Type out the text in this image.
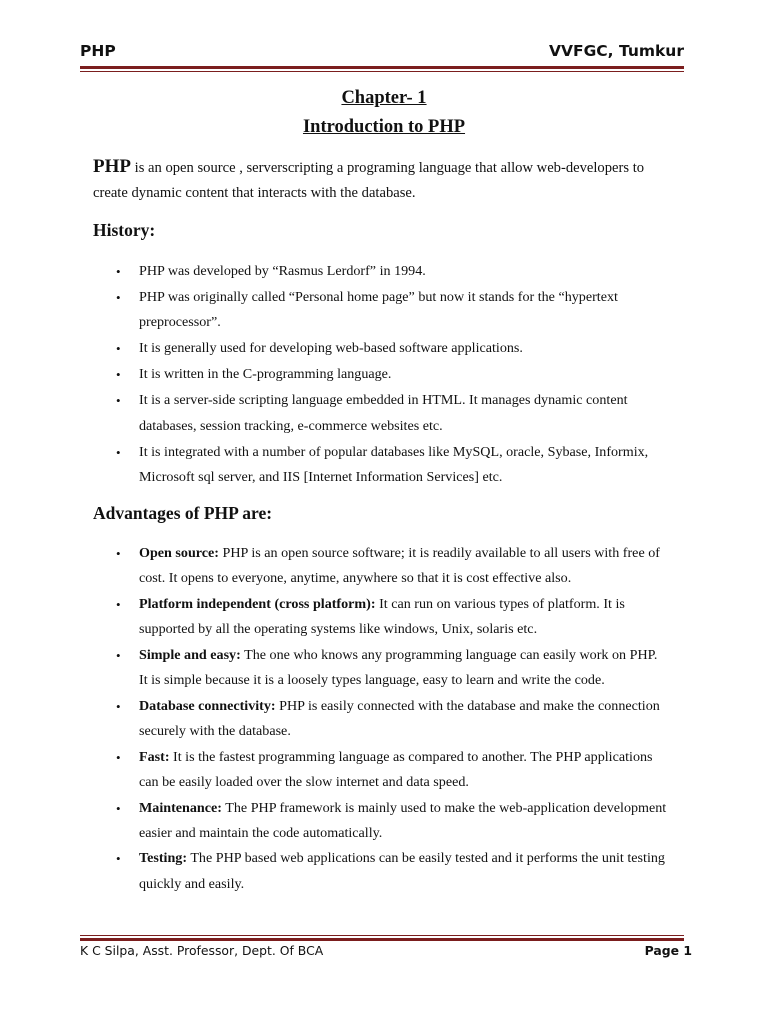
PHP	VVFGC, Tumkur
Chapter- 1
Introduction to PHP
PHP is an open source , serverscripting a programing language that allow web-developers to create dynamic content that interacts with the database.
History:
• PHP was developed by “Rasmus Lerdorf” in 1994.
• PHP was originally called “Personal home page” but now it stands for the “hypertext preprocessor”.
• It is generally used for developing web-based software applications.
• It is written in the C-programming language.
• It is a server-side scripting language embedded in HTML. It manages dynamic content databases, session tracking, e-commerce websites etc.
• It is integrated with a number of popular databases like MySQL, oracle, Sybase, Informix, Microsoft sql server, and IIS [Internet Information Services] etc.
Advantages of PHP are:
• Open source: PHP is an open source software; it is readily available to all users with free of cost. It opens to everyone, anytime, anywhere so that it is cost effective also.
• Platform independent (cross platform): It can run on various types of platform. It is supported by all the operating systems like windows, Unix, solaris etc.
• Simple and easy: The one who knows any programming language can easily work on PHP. It is simple because it is a loosely types language, easy to learn and write the code.
• Database connectivity: PHP is easily connected with the database and make the connection securely with the database.
• Fast: It is the fastest programming language as compared to another. The PHP applications can be easily loaded over the slow internet and data speed.
• Maintenance: The PHP framework is mainly used to make the web-application development easier and maintain the code automatically.
• Testing: The PHP based web applications can be easily tested and it performs the unit testing quickly and easily.
K C Silpa, Asst. Professor, Dept. Of BCA	Page 1
